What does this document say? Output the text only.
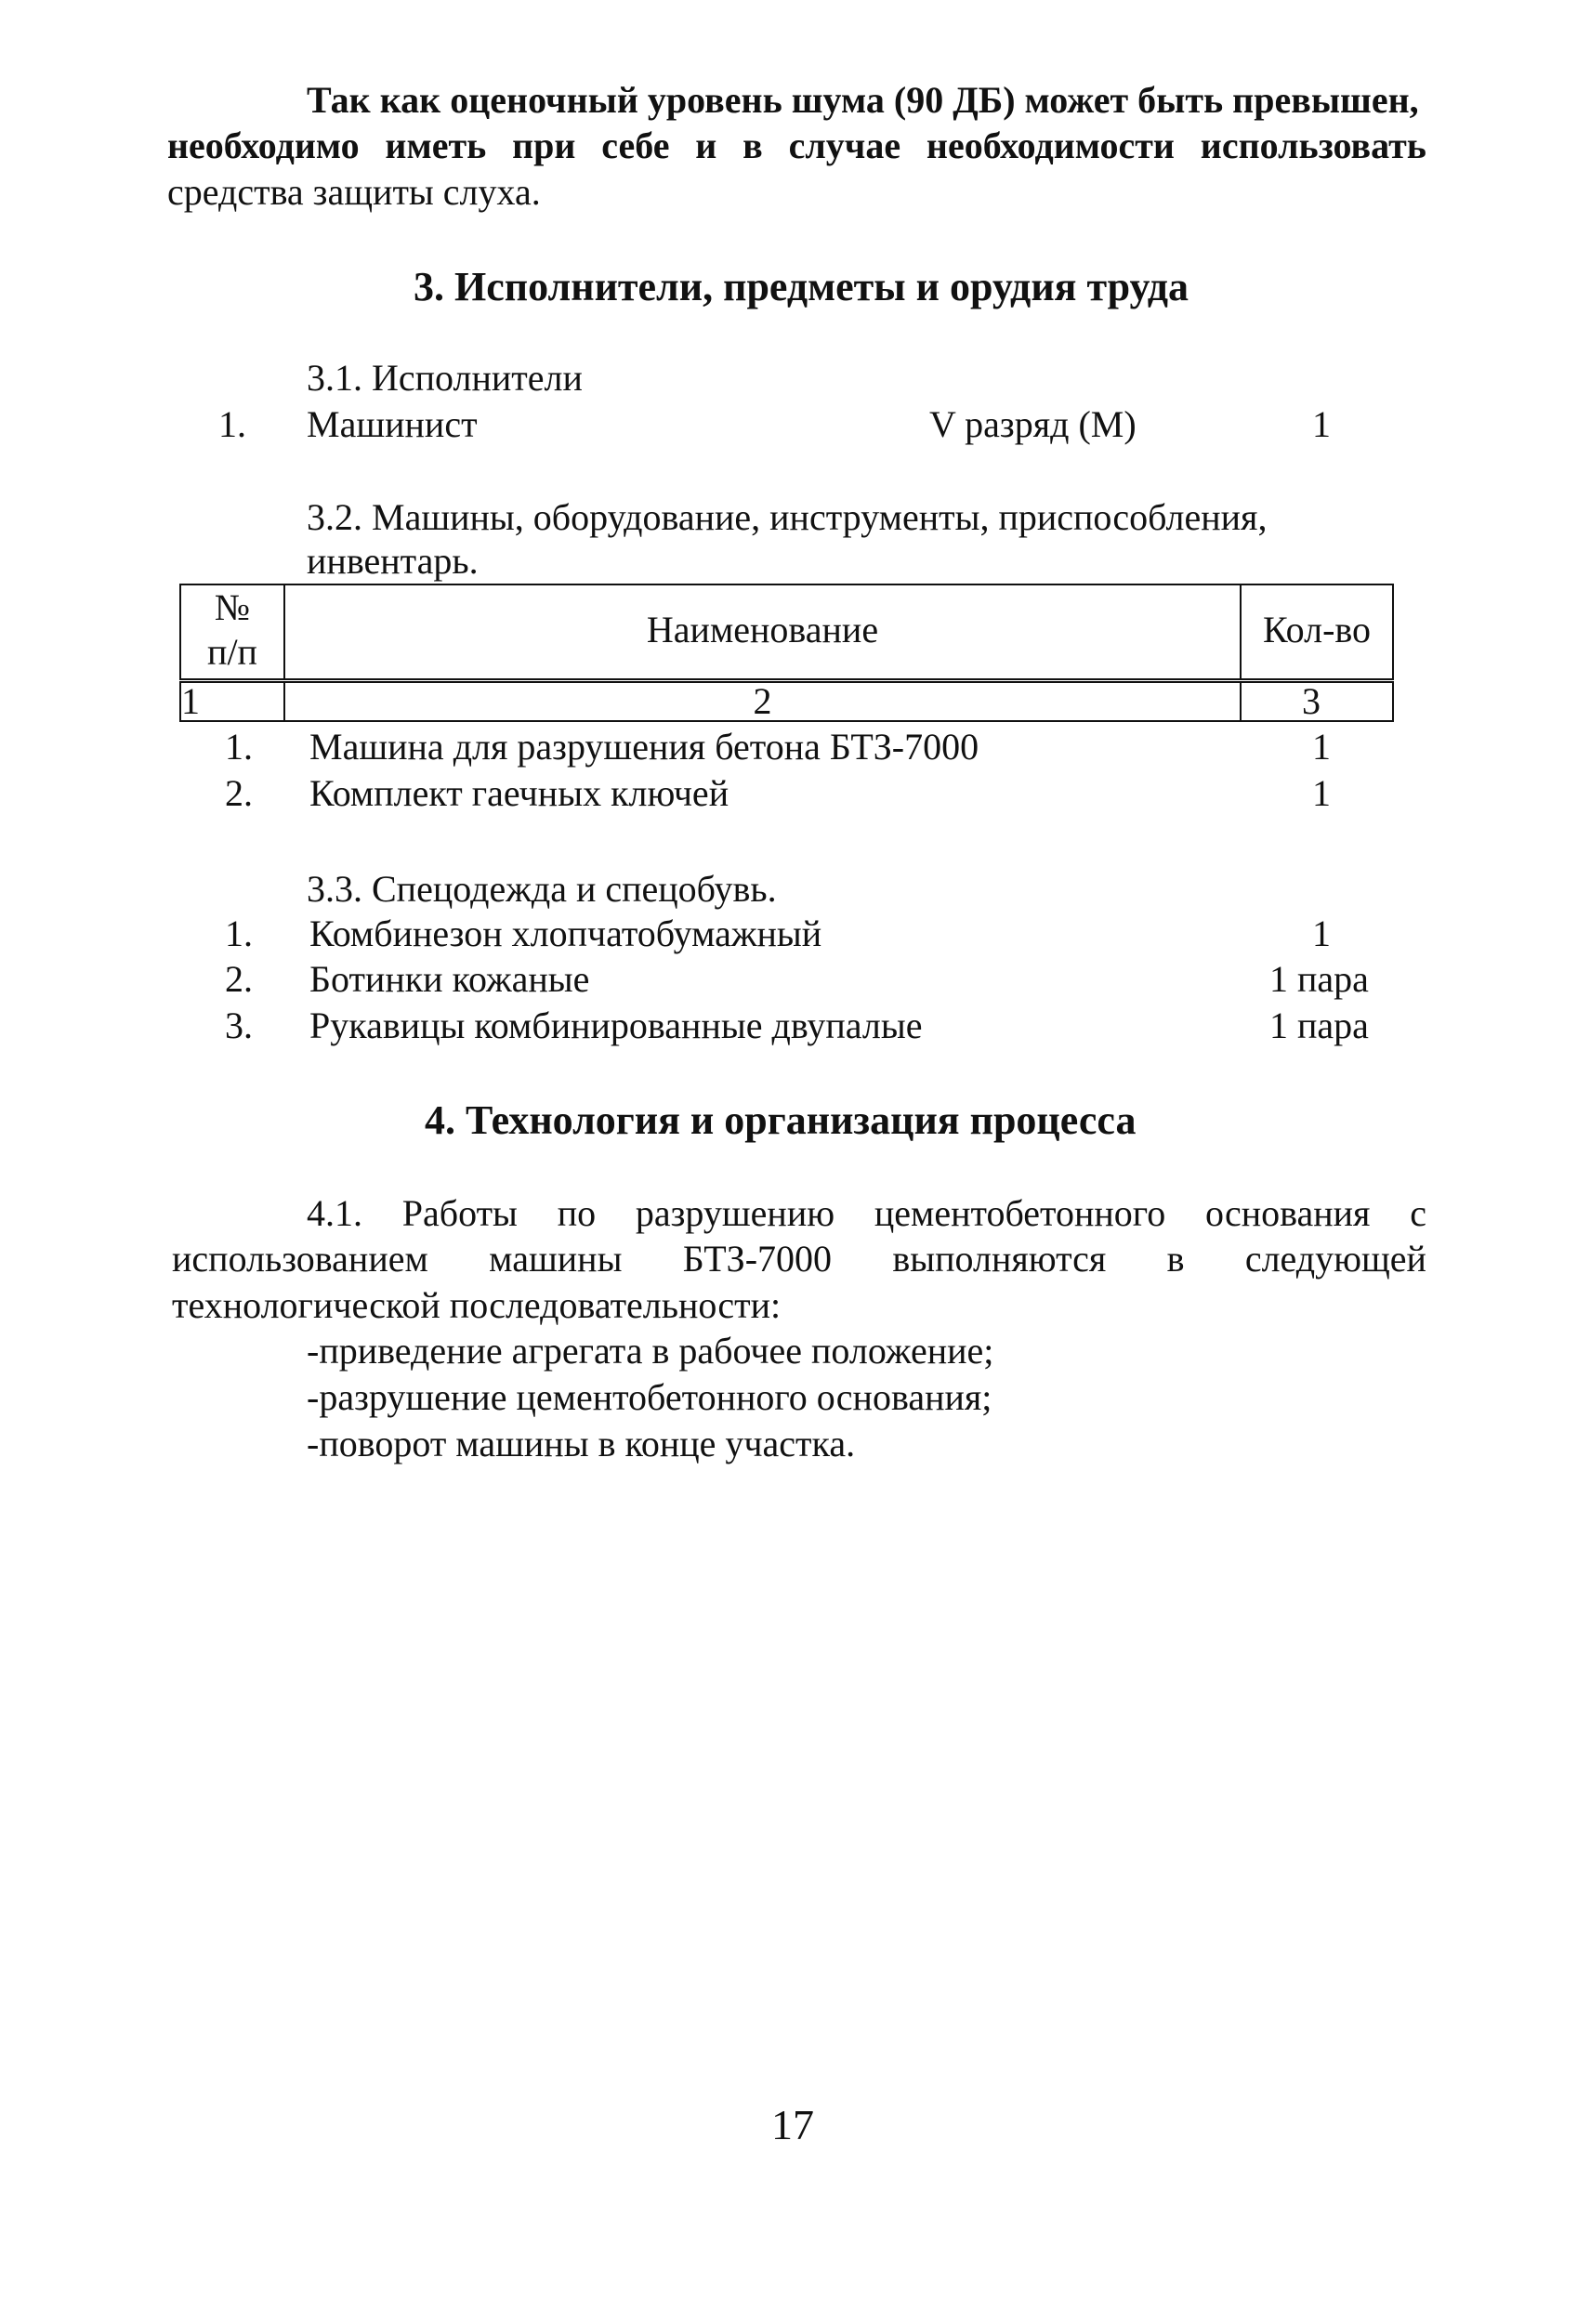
Так как оценочный уровень шума (90 ДБ) может быть превышен,
необходимо иметь при себе и в случае необходимости использовать
средства защиты слуха.
3. Исполнители, предметы и орудия труда
3.1. Исполнители
1. Машинист	V разряд (М)	1
3.2. Машины, оборудование, инструменты, приспособления,
инвентарь.
№
п/п
Наименование	Кол-во
1	2	3
1. Машина для разрушения бетона БТЗ-7000	1
2. Комплект гаечных ключей	1
3.3. Спецодежда и спецобувь.
1. Комбинезон хлопчатобумажный	1
2. Ботинки кожаные	1 пара
3. Рукавицы комбинированные двупалые	1 пара
4. Технология и организация процесса
4.1. Работы по разрушению цементобетонного основания с
использованием машины БТЗ-7000 выполняются в следующей
технологической последовательности:
-приведение агрегата в рабочее положение;
-разрушение цементобетонного основания;
-поворот машины в конце участка.
17
